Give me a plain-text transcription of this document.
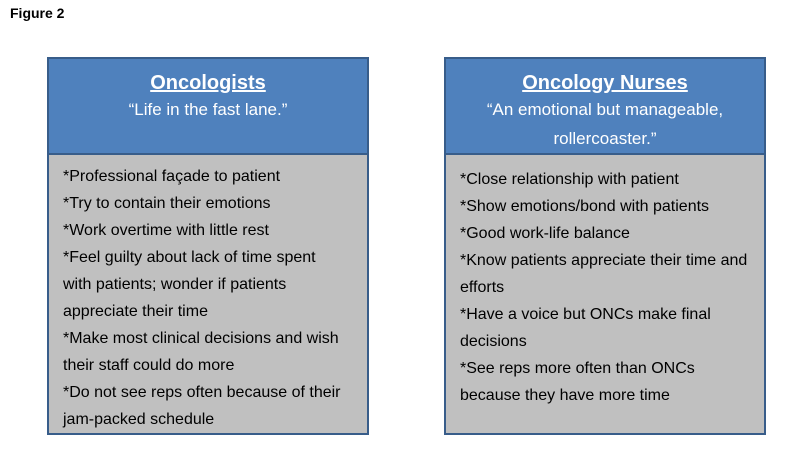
Figure 2
Oncologists
“Life in the fast lane.”

*Professional façade to patient

*Try to contain their emotions

*Work overtime with little rest

*Feel guilty about lack of time spent with patients; wonder if patients appreciate their time

*Make most clinical decisions and wish their staff could do more

*Do not see reps often because of their jam-packed schedule

Oncology Nurses
“An emotional but manageable, rollercoaster.”

*Close relationship with patient

*Show emotions/bond with patients

*Good work-life balance

*Know patients appreciate their time and efforts

*Have a voice but ONCs make final decisions

*See reps more often than ONCs because they have more time
